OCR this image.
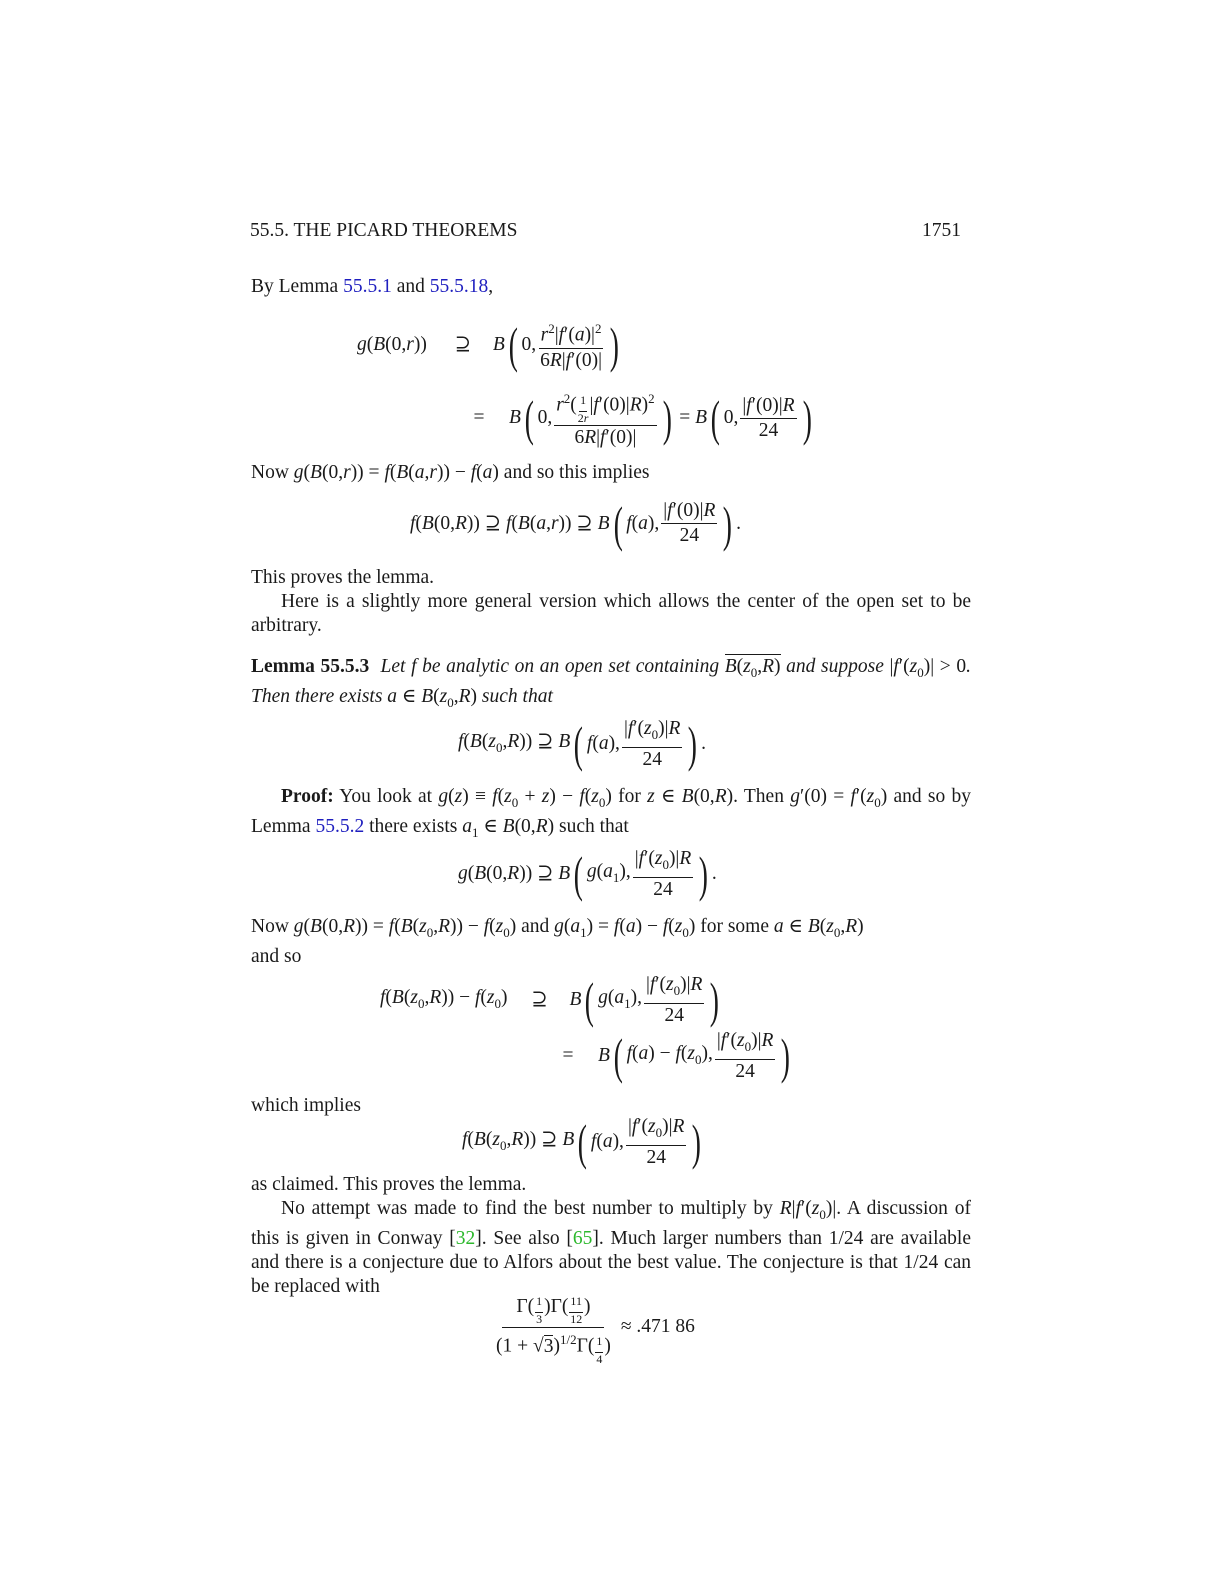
55.5. THE PICARD THEOREMS	1751
By Lemma 55.5.1 and 55.5.18,
g(B(0,r))	⊇	B ( 0, $\frac{r^2|f'(a)|^2}{6R|f'(0)|}$ )
=	B ( 0, $\frac{r^2( \frac{1}{2r} |f'(0)|R)^2}{6R|f'(0)|}$ ) = B ( 0, $\frac{|f'(0)|R}{24}$ )
Now g(B(0,r)) = f(B(a,r)) − f(a) and so this implies
f(B(0,R)) ⊇ f(B(a,r)) ⊇ B ( f(a), $\frac{|f'(0)|R}{24}$ ) .
This proves the lemma.
Here is a slightly more general version which allows the center of the open set to be arbitrary.
Lemma 55.5.3 Let f be analytic on an open set containing $B(z_0,R)$ and suppose $|f'(z_0)| > 0$. Then there exists a ∈ $B(z_0,R)$ such that
$f(B(z_0,R))$ ⊇ B ( f(a), $\frac{|f'(z_0)|R}{24}$ ) .
Proof: You look at $g(z) \equiv f(z_0 + z) - f(z_0)$ for z ∈ B(0,R). Then $g'(0) = f'(z_0)$ and so by Lemma 55.5.2 there exists $a_1$ ∈ B(0,R) such that
g(B(0,R)) ⊇ B ( $g(a_1)$, $\frac{|f'(z_0)|R}{24}$ ) .
Now $g(B(0,R)) = f(B(z_0,R)) - f(z_0)$ and $g(a_1) = f(a) - f(z_0)$ for some a ∈ $B(z_0,R)$
and so
$f(B(z_0,R)) - f(z_0)$	⊇	B ( $g(a_1)$, $\frac{|f'(z_0)|R}{24}$ )
=	B ( $f(a) - f(z_0)$, $\frac{|f'(z_0)|R}{24}$ )
which implies
$f(B(z_0,R))$ ⊇ B ( f(a), $\frac{|f'(z_0)|R}{24}$ )
as claimed. This proves the lemma.
No attempt was made to find the best number to multiply by $R|f'(z_0)|$. A discussion of this is given in Conway [32]. See also [65]. Much larger numbers than 1/24 are available and there is a conjecture due to Alfors about the best value. The conjecture is that 1/24 can be replaced with
$\frac{\Gamma( \frac{1}{3} )\Gamma( \frac{11}{12} )}{(1 + √3)^{1/2}\Gamma( \frac{1}{4} )} \approx .471$ 86
